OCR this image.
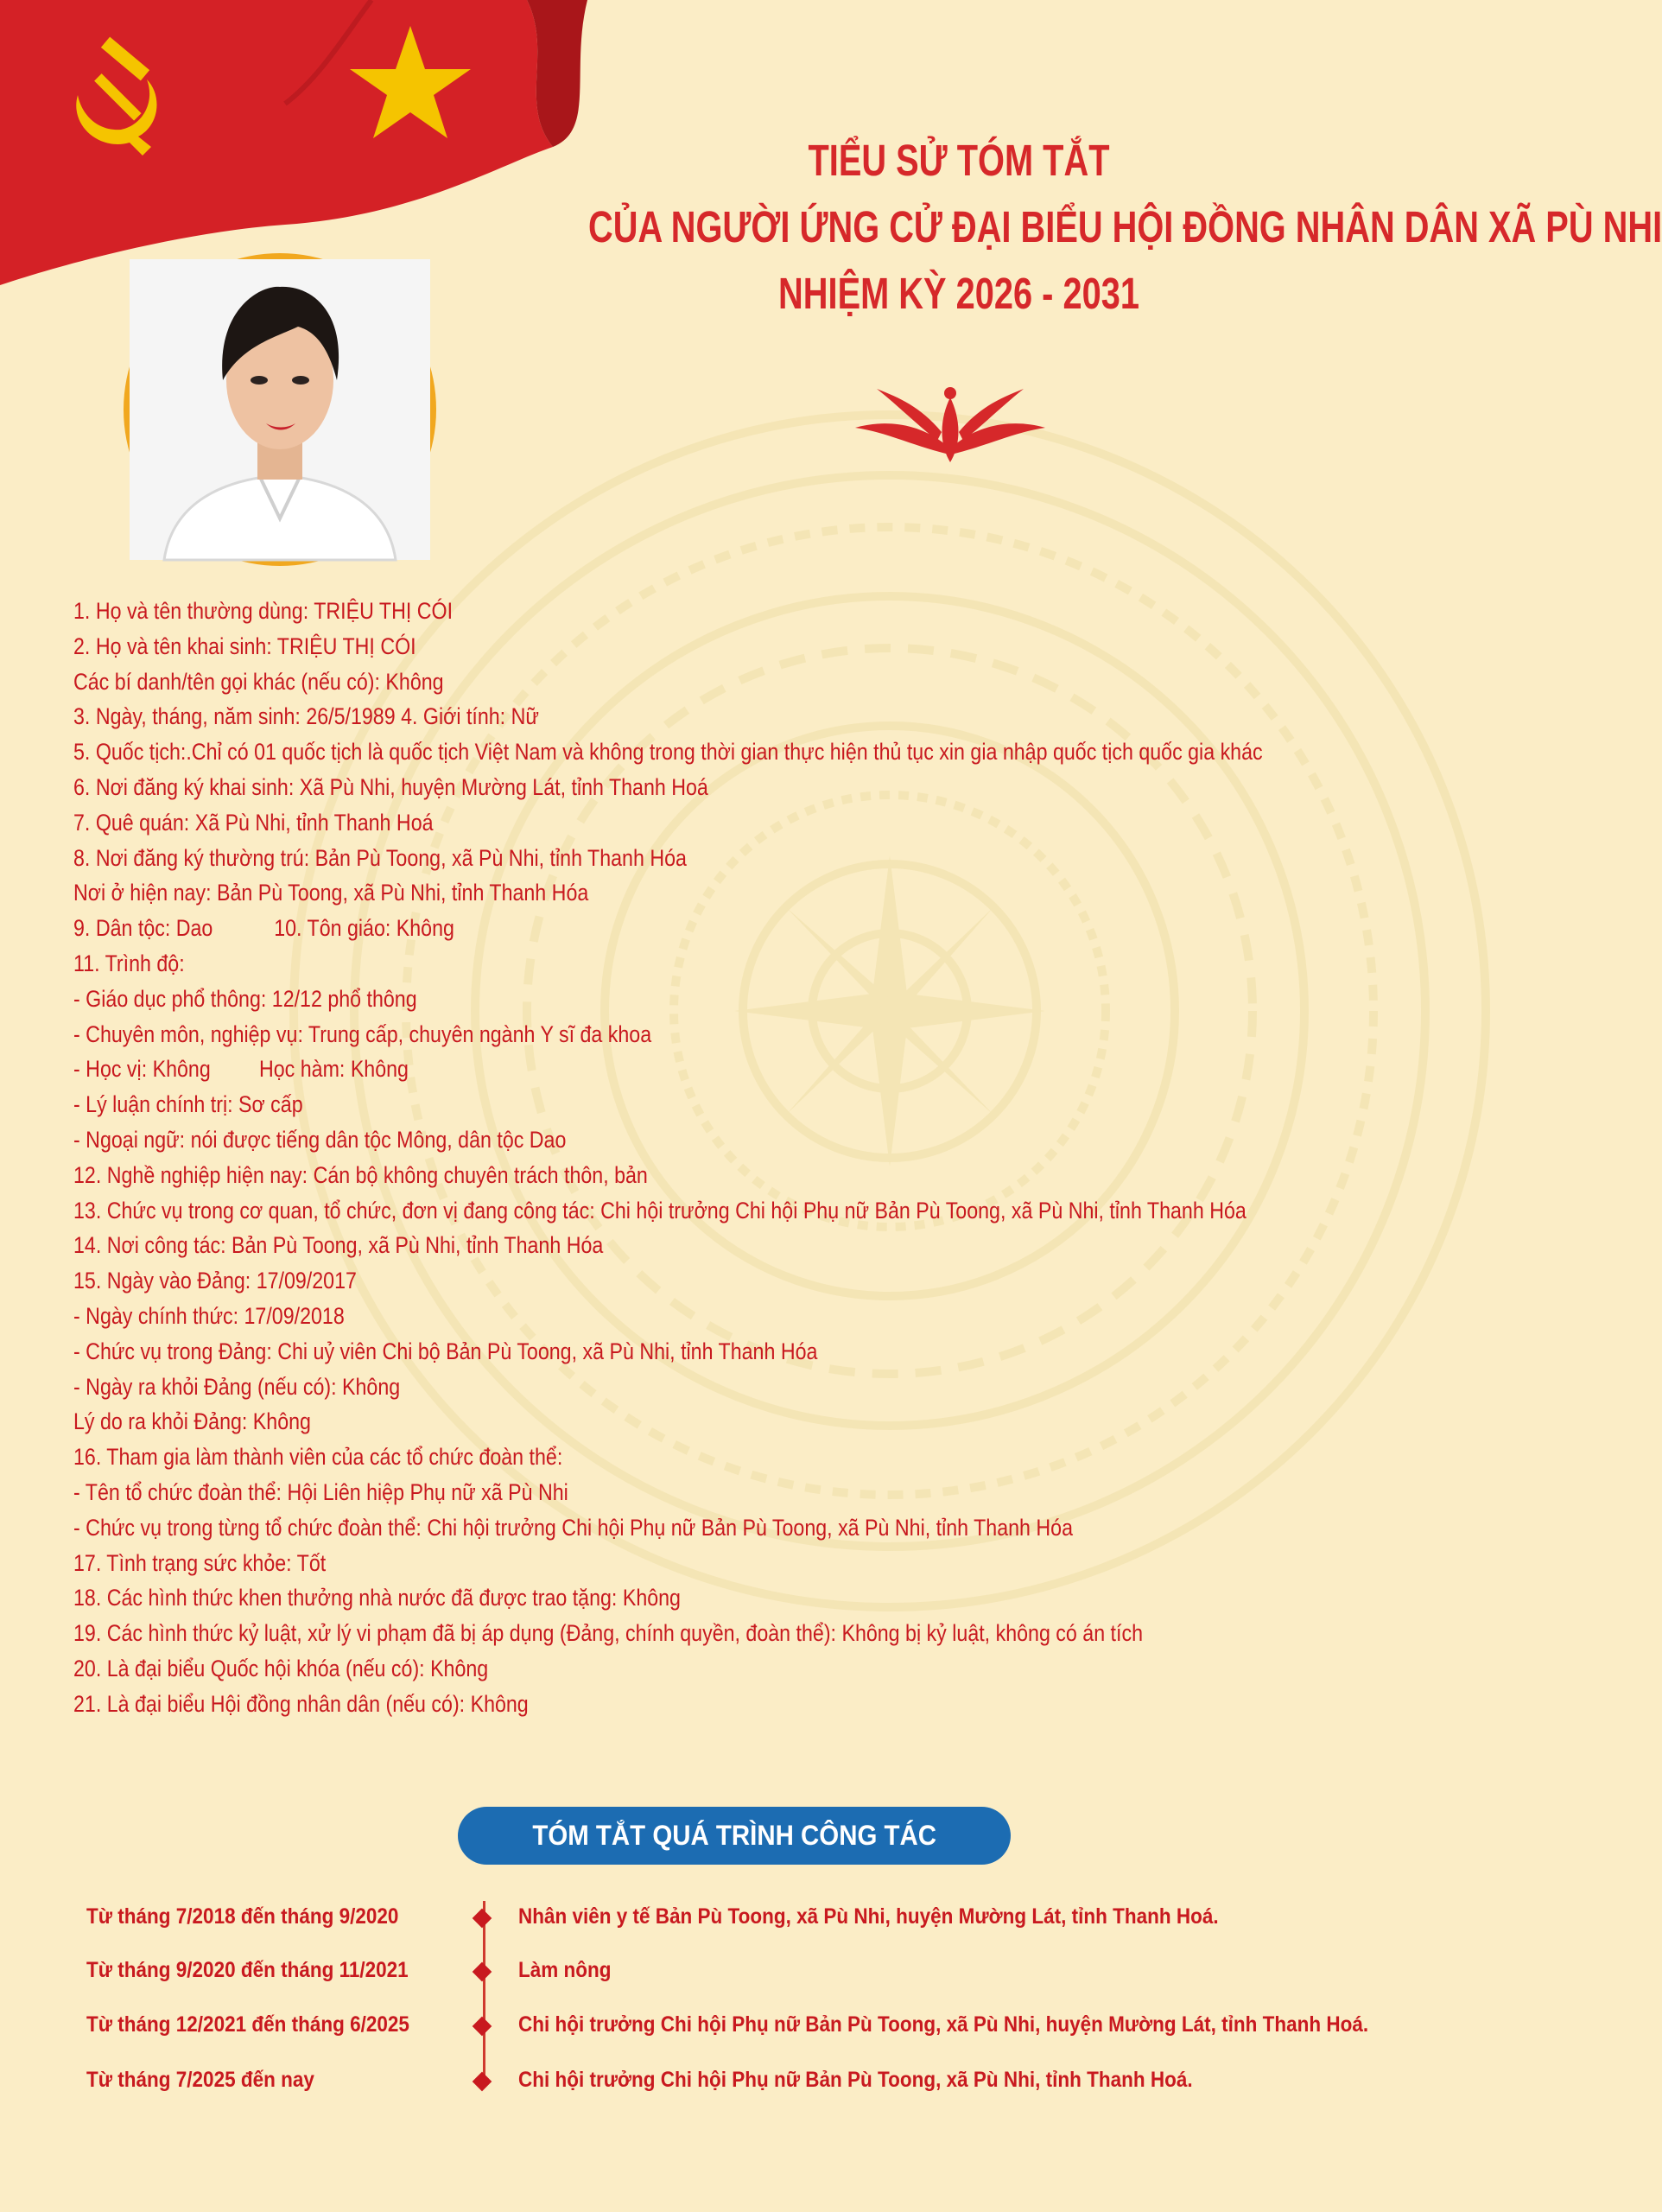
TIỂU SỬ TÓM TẮT
CỦA NGƯỜI ỨNG CỬ ĐẠI BIỂU HỘI ĐỒNG NHÂN DÂN XÃ PÙ NHI
NHIỆM KỲ 2026 - 2031
1. Họ và tên thường dùng: TRIỆU THỊ CÓI
2. Họ và tên khai sinh: TRIỆU THỊ CÓI
Các bí danh/tên gọi khác (nếu có): Không
3. Ngày, tháng, năm sinh: 26/5/1989 4. Giới tính: Nữ
5. Quốc tịch:.Chỉ có 01 quốc tịch là quốc tịch Việt Nam và không trong thời gian thực hiện thủ tục xin gia nhập quốc tịch quốc gia khác
6. Nơi đăng ký khai sinh: Xã Pù Nhi, huyện Mường Lát, tỉnh Thanh Hoá
7. Quê quán: Xã Pù Nhi, tỉnh Thanh Hoá
8. Nơi đăng ký thường trú: Bản Pù Toong, xã Pù Nhi, tỉnh Thanh Hóa
Nơi ở hiện nay: Bản Pù Toong, xã Pù Nhi, tỉnh Thanh Hóa
9. Dân tộc: Dao	10. Tôn giáo: Không
11. Trình độ:
- Giáo dục phổ thông: 12/12 phổ thông
- Chuyên môn, nghiệp vụ: Trung cấp, chuyên ngành Y sĩ đa khoa
- Học vị: Không	Học hàm: Không
- Lý luận chính trị: Sơ cấp
- Ngoại ngữ: nói được tiếng dân tộc Mông, dân tộc Dao
12. Nghề nghiệp hiện nay: Cán bộ không chuyên trách thôn, bản
13. Chức vụ trong cơ quan, tổ chức, đơn vị đang công tác: Chi hội trưởng Chi hội Phụ nữ Bản Pù Toong, xã Pù Nhi, tỉnh Thanh Hóa
14. Nơi công tác: Bản Pù Toong, xã Pù Nhi, tỉnh Thanh Hóa
15. Ngày vào Đảng: 17/09/2017
- Ngày chính thức: 17/09/2018
- Chức vụ trong Đảng: Chi uỷ viên Chi bộ Bản Pù Toong, xã Pù Nhi, tỉnh Thanh Hóa
- Ngày ra khỏi Đảng (nếu có): Không
Lý do ra khỏi Đảng: Không
16. Tham gia làm thành viên của các tổ chức đoàn thể:
- Tên tổ chức đoàn thể: Hội Liên hiệp Phụ nữ xã Pù Nhi
- Chức vụ trong từng tổ chức đoàn thể: Chi hội trưởng Chi hội Phụ nữ Bản Pù Toong, xã Pù Nhi, tỉnh Thanh Hóa
17. Tình trạng sức khỏe: Tốt
18. Các hình thức khen thưởng nhà nước đã được trao tặng: Không
19. Các hình thức kỷ luật, xử lý vi phạm đã bị áp dụng (Đảng, chính quyền, đoàn thể): Không bị kỷ luật, không có án tích
20. Là đại biểu Quốc hội khóa (nếu có): Không
21. Là đại biểu Hội đồng nhân dân (nếu có): Không
TÓM TẮT QUÁ TRÌNH CÔNG TÁC
Từ tháng 7/2018 đến tháng 9/2020	Nhân viên y tế Bản Pù Toong, xã Pù Nhi, huyện Mường Lát, tỉnh Thanh Hoá.
Từ tháng 9/2020 đến tháng 11/2021	Làm nông
Từ tháng 12/2021 đến tháng 6/2025	Chi hội trưởng Chi hội Phụ nữ Bản Pù Toong, xã Pù Nhi, huyện Mường Lát, tỉnh Thanh Hoá.
Từ tháng 7/2025 đến nay	Chi hội trưởng Chi hội Phụ nữ Bản Pù Toong, xã Pù Nhi, tỉnh Thanh Hoá.
